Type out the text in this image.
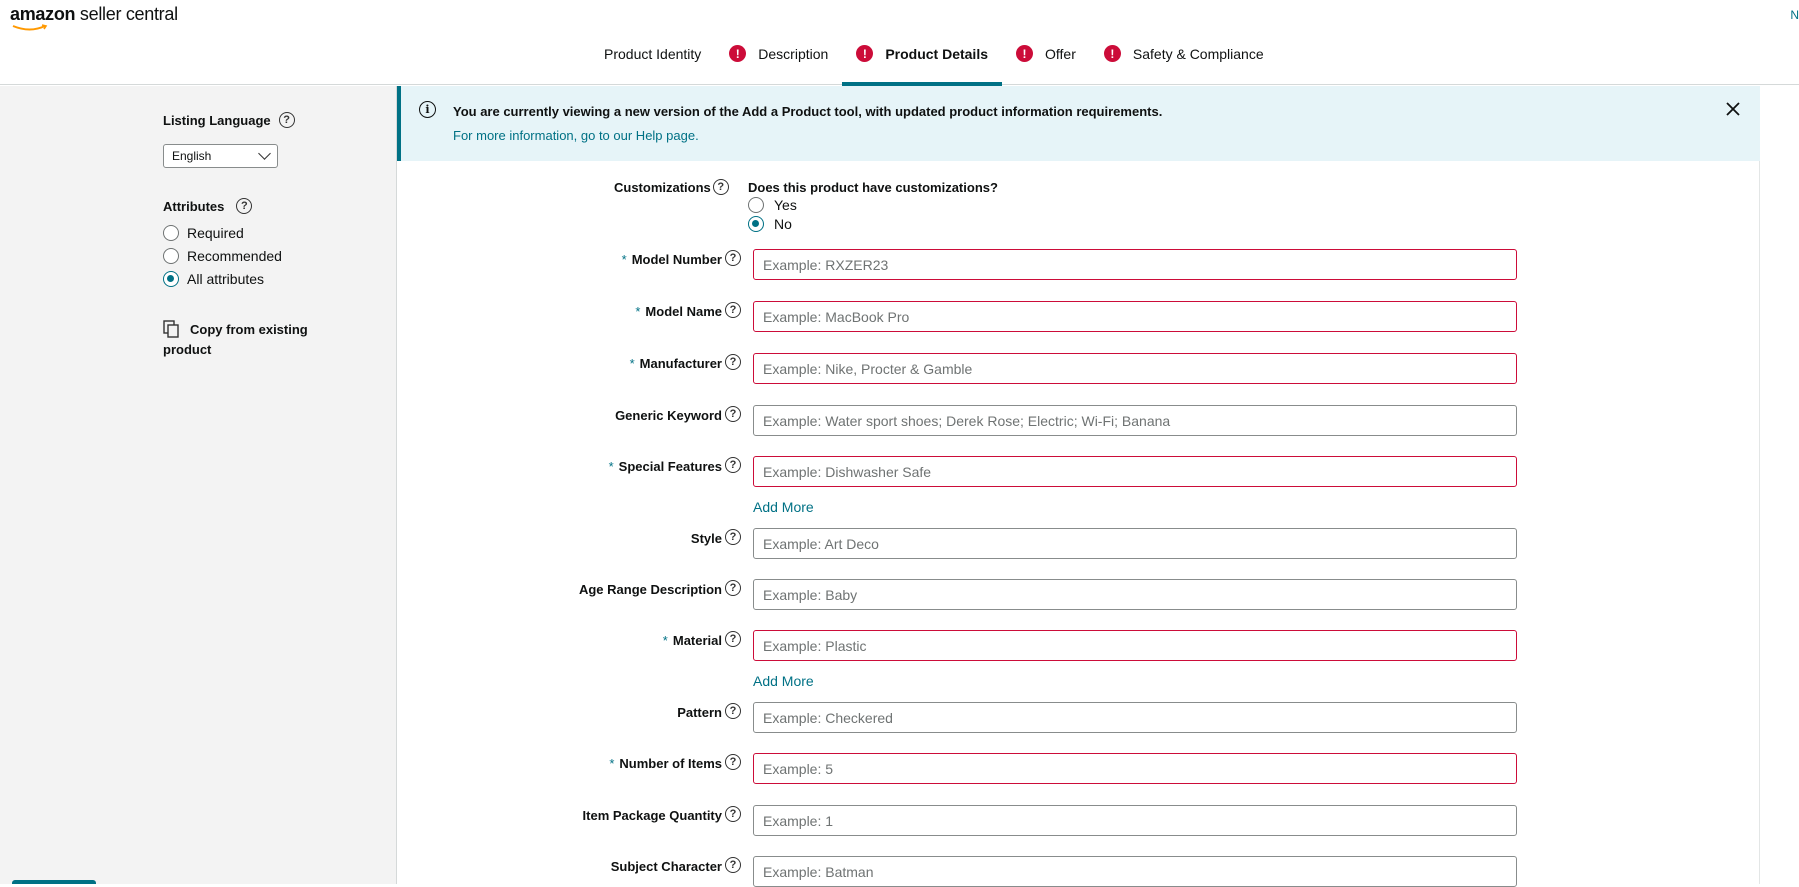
amazon seller central	N
Product Identity	!	Description	!	Product Details	!	Offer	!	Safety & Compliance
Listing Language	?
English
Attributes	?
Required
Recommended
All attributes
Copy from existing product
i	You are currently viewing a new version of the Add a Product tool, with updated product information requirements.
For more information, go to our Help page.
Customizations ?	Does this product have customizations?
Yes
No
* Model Number ?
Example: RXZER23
* Model Name ?
Example: MacBook Pro
* Manufacturer ?
Example: Nike, Procter & Gamble
Generic Keyword ?
Example: Water sport shoes; Derek Rose; Electric; Wi-Fi; Banana
* Special Features ?
Example: Dishwasher Safe
Add More
Style ?
Example: Art Deco
Age Range Description ?
Example: Baby
* Material ?
Example: Plastic
Add More
Pattern ?
Example: Checkered
* Number of Items ?
Example: 5
Item Package Quantity ?
Example: 1
Subject Character ?
Example: Batman
